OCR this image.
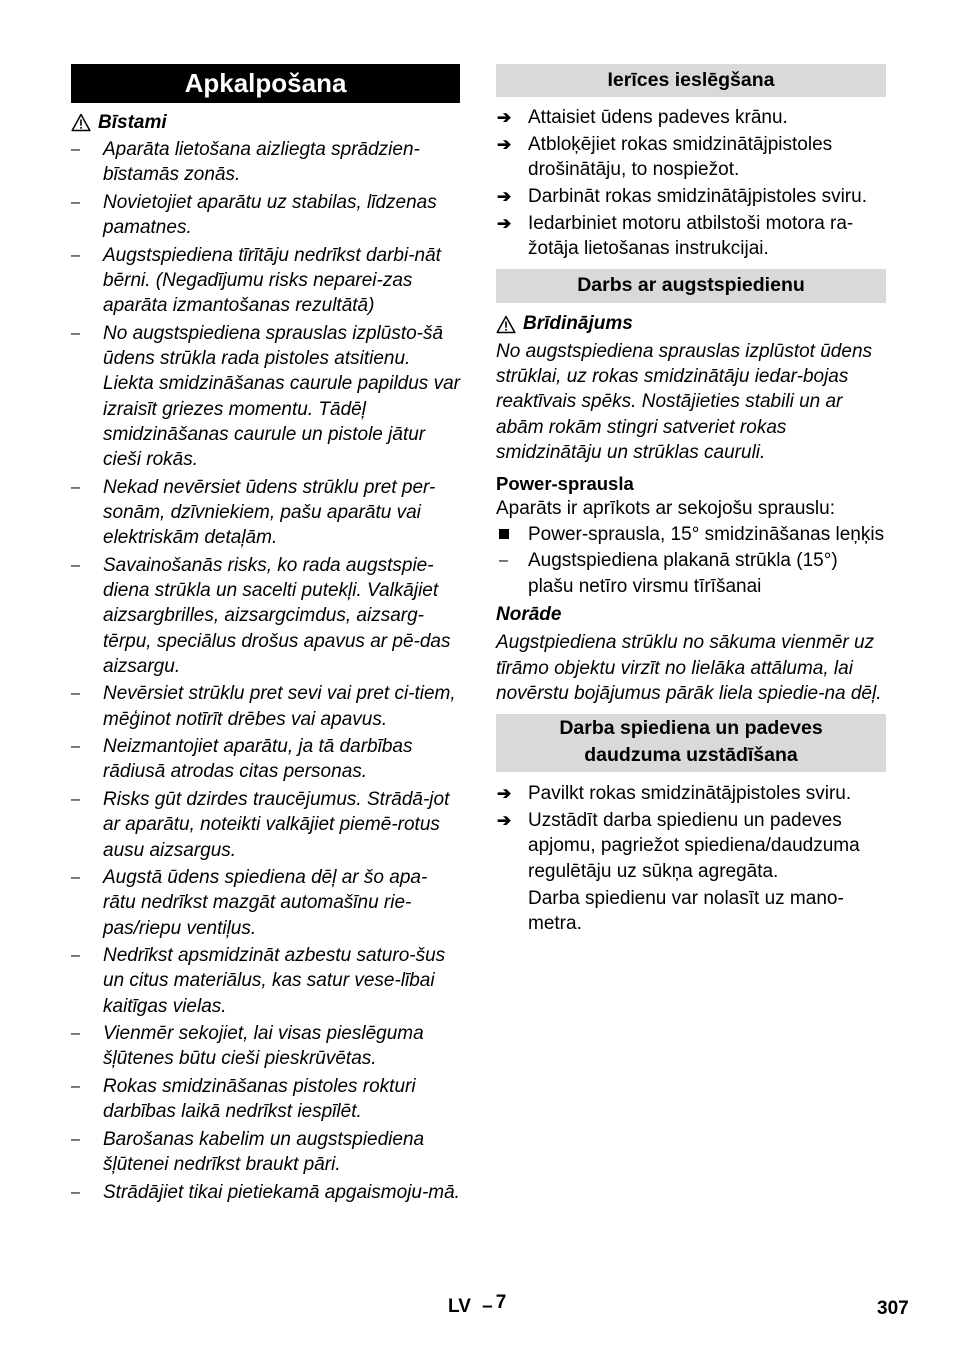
Apkalpošana
Bīstami
– Aparāta lietošana aizliegta sprādzien-bīstamās zonās.
– Novietojiet aparātu uz stabilas, līdzenas pamatnes.
– Augstspiediena tīrītāju nedrīkst darbi-nāt bērni. (Negadījumu risks neparei-zas aparāta izmantošanas rezultātā)
– No augstspiediena sprauslas izplūsto-šā ūdens strūkla rada pistoles atsitienu. Liekta smidzināšanas caurule papildus var izraisīt griezes momentu. Tādēļ smidzināšanas caurule un pistole jātur cieši rokās.
– Nekad nevērsiet ūdens strūklu pret per-sonām, dzīvniekiem, pašu aparātu vai elektriskām detaļām.
– Savainošanās risks, ko rada augstspie-diena strūkla un sacelti putekļi. Valkājiet aizsargbrilles, aizsargcimdus, aizsarg-tērpu, speciālus drošus apavus ar pē-das aizsargu.
– Nevērsiet strūklu pret sevi vai pret ci-tiem, mēģinot notīrīt drēbes vai apavus.
– Neizmantojiet aparātu, ja tā darbības rādiusā atrodas citas personas.
– Risks gūt dzirdes traucējumus. Strādā-jot ar aparātu, noteikti valkājiet piemē-rotus ausu aizsargus.
– Augstā ūdens spiediena dēļ ar šo apa-rātu nedrīkst mazgāt automašīnu rie-pas/riepu ventiļus.
– Nedrīkst apsmidzināt azbestu saturo-šus un citus materiālus, kas satur vese-lībai kaitīgas vielas.
– Vienmēr sekojiet, lai visas pieslēguma šļūtenes būtu cieši pieskrūvētas.
– Rokas smidzināšanas pistoles rokturi darbības laikā nedrīkst iespīlēt.
– Barošanas kabelim un augstspiediena šļūtenei nedrīkst braukt pāri.
– Strādājiet tikai pietiekamā apgaismoju-mā.
Ierīces ieslēgšana
➔ Attaisiet ūdens padeves krānu.
➔ Atbloķējiet rokas smidzinātājpistoles drošinātāju, to nospiežot.
➔ Darbināt rokas smidzinātājpistoles sviru.
➔ Iedarbiniet motoru atbilstoši motora ra-žotāja lietošanas instrukcijai.
Darbs ar augstspiedienu
Brīdinājums

No augstspiediena sprauslas izplūstot ūdens strūklai, uz rokas smidzinātāju iedar-bojas reaktīvais spēks. Nostājieties stabili un ar abām rokām stingri satveriet rokas smidzinātāju un strūklas cauruli.

Power-sprausla

Aparāts ir aprīkots ar sekojošu sprauslu:

Power-sprausla, 15° smidzināšanas leņķis
– Augstspiediena plakanā strūkla (15°) plašu netīro virsmu tīrīšanai
Norāde

Augstpiediena strūklu no sākuma vienmēr uz tīrāmo objektu virzīt no lielāka attāluma, lai novērstu bojājumus pārāk liela spiedie-na dēļ.

Darba spiediena un padeves
daudzuma uzstādīšana
➔ Pavilkt rokas smidzinātājpistoles sviru.
➔ Uzstādīt darba spiedienu un padeves apjomu, pagriežot spiediena/daudzuma regulētāju uz sūkņa agregāta.
Darba spiedienu var nolasīt uz mano-metra.
LV – 7	307
